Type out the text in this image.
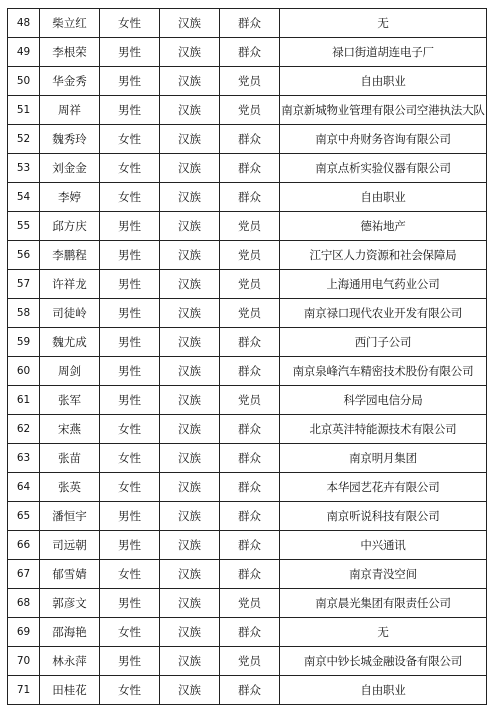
48	柴立红	女性	汉族	群众	无
49	李根荣	男性	汉族	群众	禄口街道胡连电子厂
50	华金秀	男性	汉族	党员	自由职业
51	周祥	男性	汉族	党员	南京新城物业管理有限公司空港执法大队
52	魏秀玲	女性	汉族	群众	南京中舟财务咨询有限公司
53	刘金金	女性	汉族	群众	南京点析实验仪器有限公司
54	李婷	女性	汉族	群众	自由职业
55	邱方庆	男性	汉族	党员	德祐地产
56	李鹏程	男性	汉族	党员	江宁区人力资源和社会保障局
57	许祥龙	男性	汉族	党员	上海通用电气药业公司
58	司徒岭	男性	汉族	党员	南京禄口现代农业开发有限公司
59	魏尤成	男性	汉族	群众	西门子公司
60	周剑	男性	汉族	群众	南京泉峰汽车精密技术股份有限公司
61	张军	男性	汉族	党员	科学园电信分局
62	宋燕	女性	汉族	群众	北京英沣特能源技术有限公司
63	张苗	女性	汉族	群众	南京明月集团
64	张英	女性	汉族	群众	本华园艺花卉有限公司
65	潘恒宇	男性	汉族	群众	南京听说科技有限公司
66	司远朝	男性	汉族	群众	中兴通讯
67	郁雪婧	女性	汉族	群众	南京青没空间
68	郭彦文	男性	汉族	党员	南京晨光集团有限责任公司
69	邵海艳	女性	汉族	群众	无
70	林永萍	男性	汉族	党员	南京中钞长城金融设备有限公司
71	田桂花	女性	汉族	群众	自由职业
